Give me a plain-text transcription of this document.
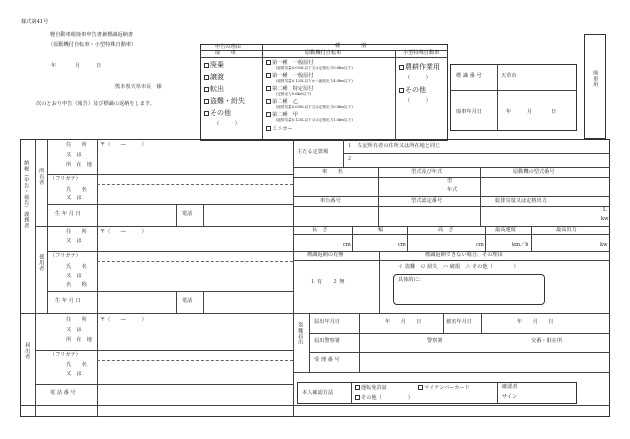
様式第41号
軽自動車税廃車申告書兼標識返納書
（原動機付自転車・小型特殊自動車）
年	月	日
熊本県天草市長　様
次のとおり申告（報告）及び標識の返納をします。
申告の理由	種　　　　別
廃　　車	原動機付自転車	小型特殊自動車
廃棄
譲渡
転出
盗難・紛失
その他
（　　　）
第一種　一般原付
(総排気量0.050L以下又は定格出力0.6kw以下)
第一種　一般原付
(総排気量0.125L以下かつ最高出力4.0kw以下)
第二種　特定原付
(定格出力0.6kw以下)
第二種　乙
(総排気量0.090L以下又は定格出力0.8kw以下)
第二種　甲
(総排気量0.125L以下又は定格出力1.0kw以下)
ミニカー
農耕作業用
（　　　）
その他
（　　　）
標 識 番 号	天草市
廃車年月日	年	月	日
廃車用
納税（申告・報告）義務者 所有者
使用者
届出者
住　　所
又　は
所　在　地
〒（　　―　　　）
（フリガナ）
氏　　名
又　は
生 年 月 日	電話
住　　所
又　は
〒（　　―　　　）
（フリガナ）
氏　　名
又　は
名　　称
生 年 月 日	電話
住　　所
又　は
所　在　地
〒（　　―　　　）
（フリガナ）
氏　　名
又　は
電 話 番 号
主たる定置場
１　左記所有者の住所又は所在地と同じ
２
車　　名	型式及び年式	原動機の型式番号
型
年式
車台番号	型式認定番号	総排気量又は定格出力
L
kw
長　さ	幅	高　さ	最高速度	最高出力
cm	cm	cm	km／h	kw
標識返納の有無	標識返納できない場合、その理由
１ 有　　２ 無
イ 盗難　ロ 紛失　ハ 破損　ニ その他（　　　　）
具体的に：
盗難届出 届出年月日	年　　月　　日	被害年月日	年　　月　　日
届出警察署	警察署	交番・駐在所
受 理 番 号
本人確認方法
運転免許証	マイナンバーカード
その他（　　　　　）
確認者
サイン
